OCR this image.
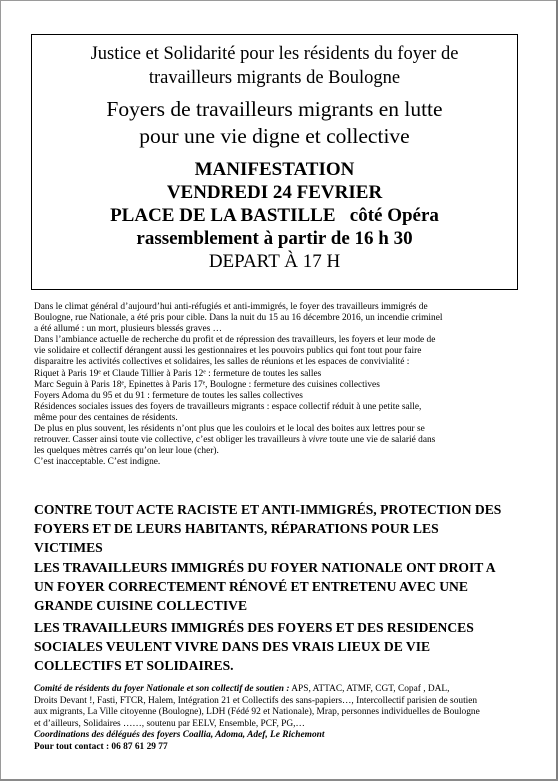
Justice et Solidarité pour les résidents du foyer de
travailleurs migrants de Boulogne
Foyers de travailleurs migrants en lutte
pour une vie digne et collective
MANIFESTATION
VENDREDI 24 FEVRIER
PLACE DE LA BASTILLE côté Opéra
rassemblement à partir de 16 h 30
DEPART À 17 H
Dans le climat général d’aujourd’hui anti-réfugiés et anti-immigrés, le foyer des travailleurs immigrés de
Boulogne, rue Nationale, a été pris pour cible. Dans la nuit du 15 au 16 décembre 2016, un incendie criminel
a été allumé : un mort, plusieurs blessés graves …
Dans l’ambiance actuelle de recherche du profit et de répression des travailleurs, les foyers et leur mode de
vie solidaire et collectif dérangent aussi les gestionnaires et les pouvoirs publics qui font tout pour faire
disparaitre les activités collectives et solidaires, les salles de réunions et les espaces de convivialité :
Riquet à Paris 19ᵉ et Claude Tillier à Paris 12ᵉ : fermeture de toutes les salles
Marc Seguin à Paris 18ᵉ, Epinettes à Paris 17ᵉ, Boulogne : fermeture des cuisines collectives
Foyers Adoma du 95 et du 91 : fermeture de toutes les salles collectives
Résidences sociales issues des foyers de travailleurs migrants : espace collectif réduit à une petite salle,
même pour des centaines de résidents.
De plus en plus souvent, les résidents n’ont plus que les couloirs et le local des boites aux lettres pour se
retrouver. Casser ainsi toute vie collective, c’est obliger les travailleurs à vivre toute une vie de salarié dans
les quelques mètres carrés qu’on leur loue (cher).
C’est inacceptable. C’est indigne.
CONTRE TOUT ACTE RACISTE ET ANTI-IMMIGRÉS, PROTECTION DES
FOYERS ET DE LEURS HABITANTS, RÉPARATIONS POUR LES
VICTIMES
LES TRAVAILLEURS IMMIGRÉS DU FOYER NATIONALE ONT DROIT A
UN FOYER CORRECTEMENT RÉNOVÉ ET ENTRETENU AVEC UNE
GRANDE CUISINE COLLECTIVE
LES TRAVAILLEURS IMMIGRÉS DES FOYERS ET DES RESIDENCES
SOCIALES VEULENT VIVRE DANS DES VRAIS LIEUX DE VIE
COLLECTIFS ET SOLIDAIRES.
Comité de résidents du foyer Nationale et son collectif de soutien : APS, ATTAC, ATMF, CGT, Copaf , DAL,
Droits Devant !, Fasti, FTCR, Halem, Intégration 21 et Collectifs des sans-papiers…, Intercollectif parisien de soutien
aux migrants, La Ville citoyenne (Boulogne), LDH (Fédé 92 et Nationale), Mrap, personnes individuelles de Boulogne
et d’ailleurs, Solidaires ……, soutenu par EELV, Ensemble, PCF, PG,…
Coordinations des délégués des foyers Coallia, Adoma, Adef, Le Richemont
Pour tout contact : 06 87 61 29 77
